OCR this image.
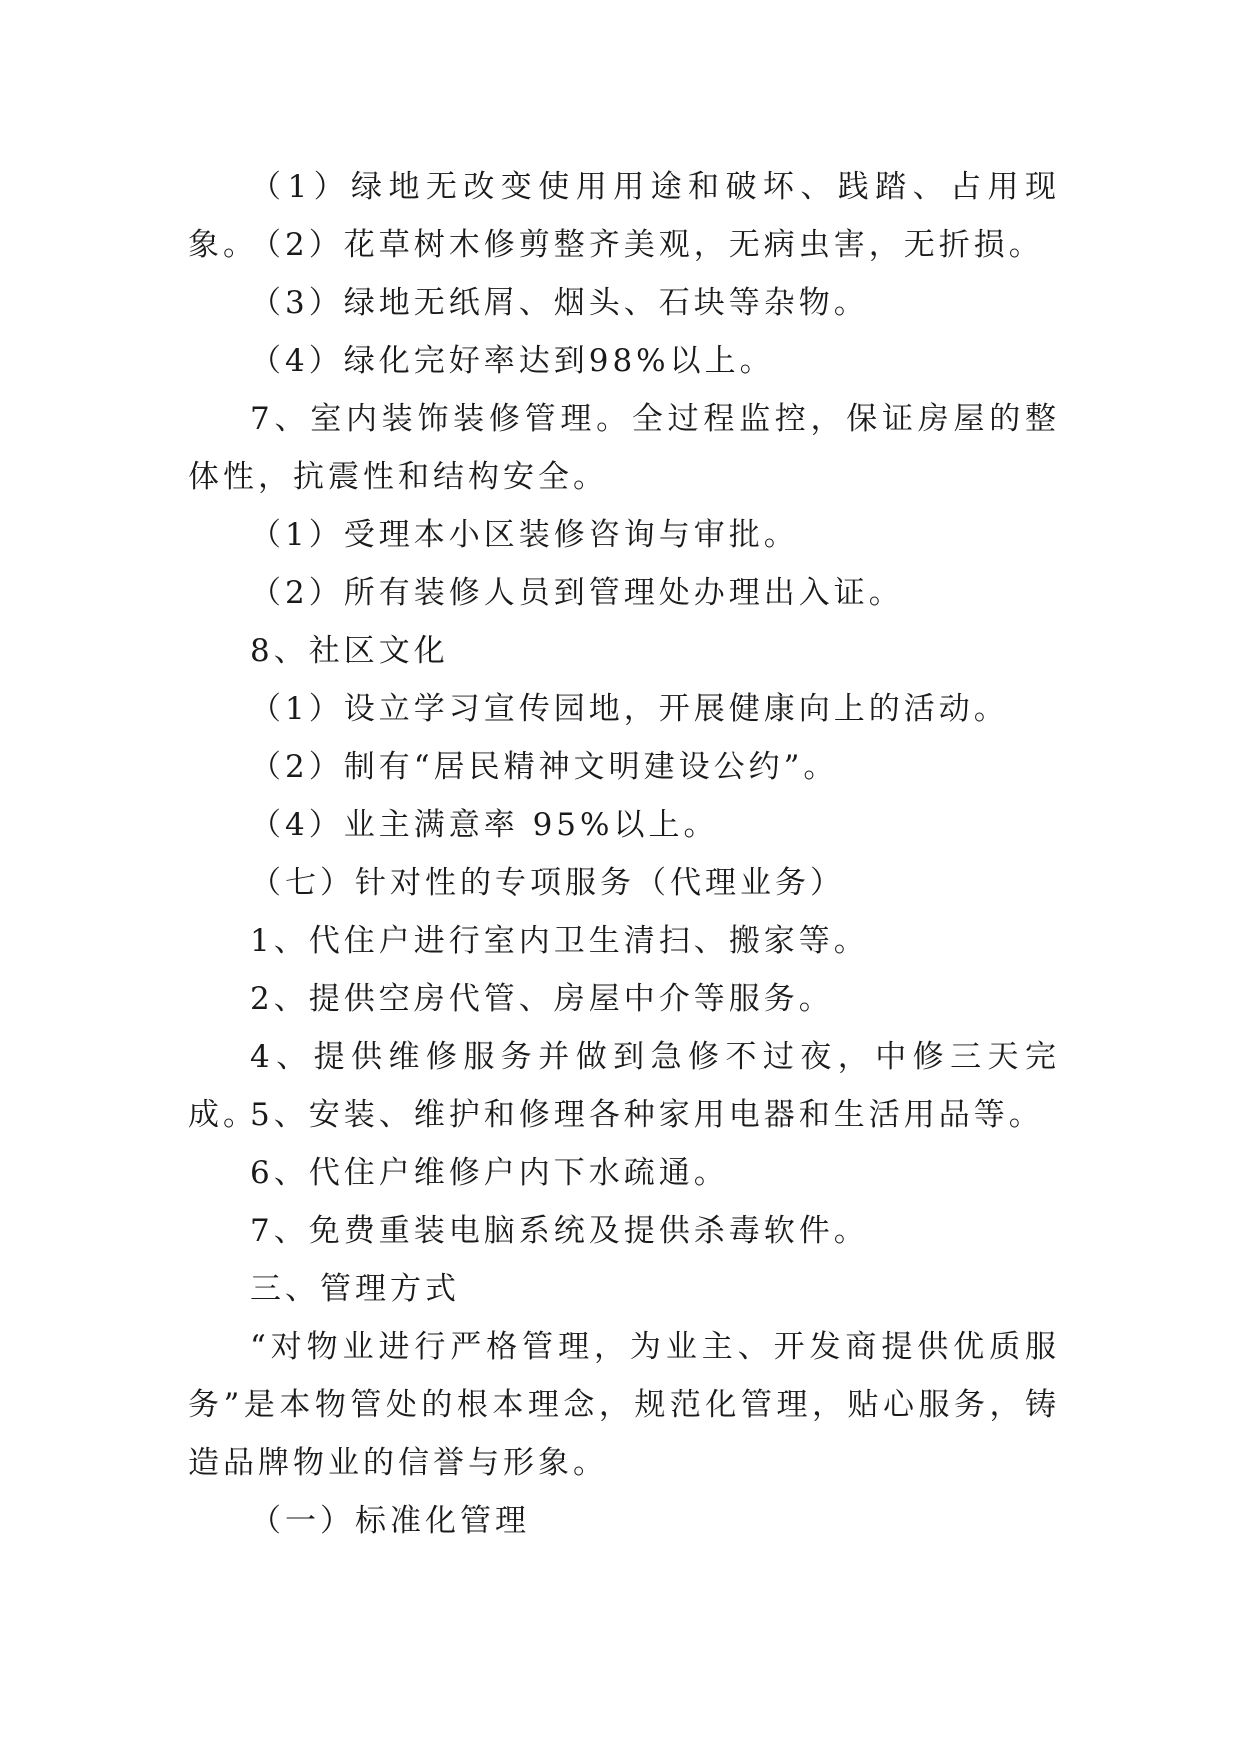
（1）绿地无改变使用用途和破坏、践踏、占用现象。

（2）花草树木修剪整齐美观，无病虫害，无折损。

（3）绿地无纸屑、烟头、石块等杂物。

（4）绿化完好率达到98%以上。

7、室内装饰装修管理。全过程监控，保证房屋的整体性，抗震性和结构安全。

（1）受理本小区装修咨询与审批。

（2）所有装修人员到管理处办理出入证。

8、社区文化

（1）设立学习宣传园地，开展健康向上的活动。

（2）制有“居民精神文明建设公约”。

（4）业主满意率 95%以上。

（七）针对性的专项服务（代理业务）

1、代住户进行室内卫生清扫、搬家等。

2、提供空房代管、房屋中介等服务。

4、提供维修服务并做到急修不过夜，中修三天完成。

5、安装、维护和修理各种家用电器和生活用品等。

6、代住户维修户内下水疏通。

7、免费重装电脑系统及提供杀毒软件。

三、管理方式

“对物业进行严格管理，为业主、开发商提供优质服务”是本物管处的根本理念，规范化管理，贴心服务，铸造品牌物业的信誉与形象。

（一）标准化管理
